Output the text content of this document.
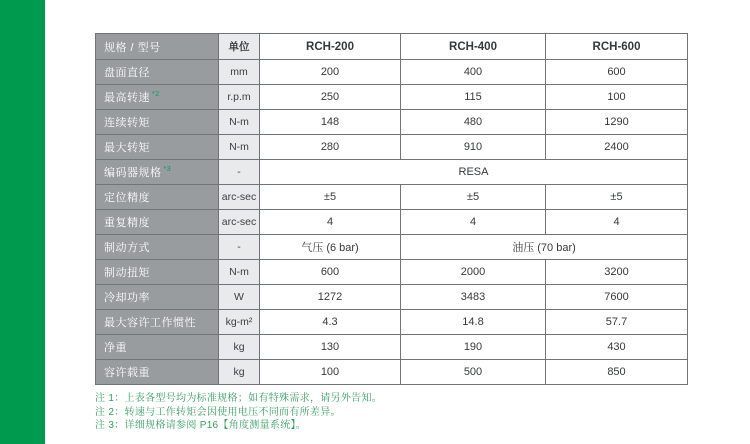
规格 / 型号	单位	RCH-200	RCH-400	RCH-600
盘面直径	mm	200	400	600
最高转速 $^{*2}$	r.p.m	250	115	100
连续转矩	N-m	148	480	1290
最大转矩	N-m	280	910	2400
编码器规格 $^{*3}$	-	RESA		
定位精度	arc-sec	±5	±5	±5
重复精度	arc-sec	4	4	4
制动方式	-	气压 (6 bar)	油压 (70 bar)	
制动扭矩	N-m	600	2000	3200
冷却功率	W	1272	3483	7600
最大容许工作惯性	kg-m²	4.3	14.8	57.7
净重	kg	130	190	430
容许载重	kg	100	500	850
注 1：上表各型号均为标准规格；如有特殊需求，请另外告知。
注 2：转速与工作转矩会因使用电压不同而有所差异。
注 3：详细规格请参阅 P16【角度测量系统】。
